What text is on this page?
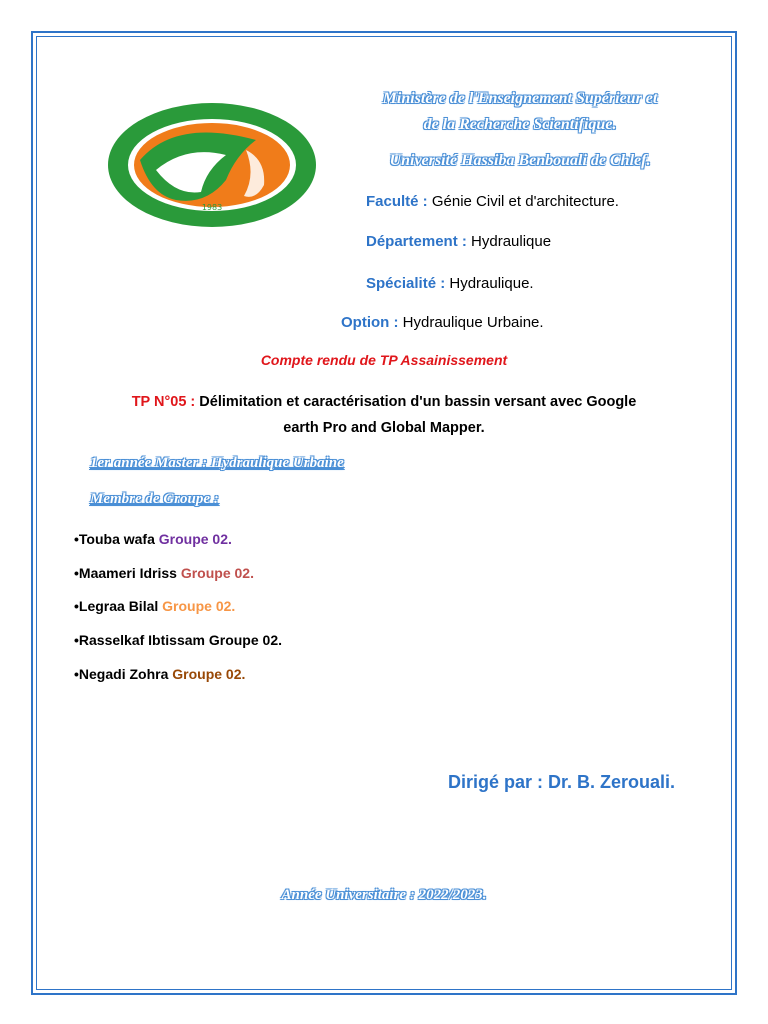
1983
Ministère de l'Enseignement Supérieur et
de la Recherche Scientifique.
Université Hassiba Benbouali de Chlef.
Faculté : Génie Civil et d'architecture.
Département : Hydraulique
Spécialité : Hydraulique.
Option : Hydraulique Urbaine.
Compte rendu de TP Assainissement
TP N°05 : Délimitation et caractérisation d'un bassin versant avec Google
earth Pro and Global Mapper.
1er année Master : Hydraulique Urbaine
Membre de Groupe :
•Touba wafa Groupe 02.
•Maameri Idriss Groupe 02.
•Legraa Bilal Groupe 02.
•Rasselkaf Ibtissam Groupe 02.
•Negadi Zohra Groupe 02.
Dirigé par : Dr. B. Zerouali.
Année Universitaire : 2022/2023.
